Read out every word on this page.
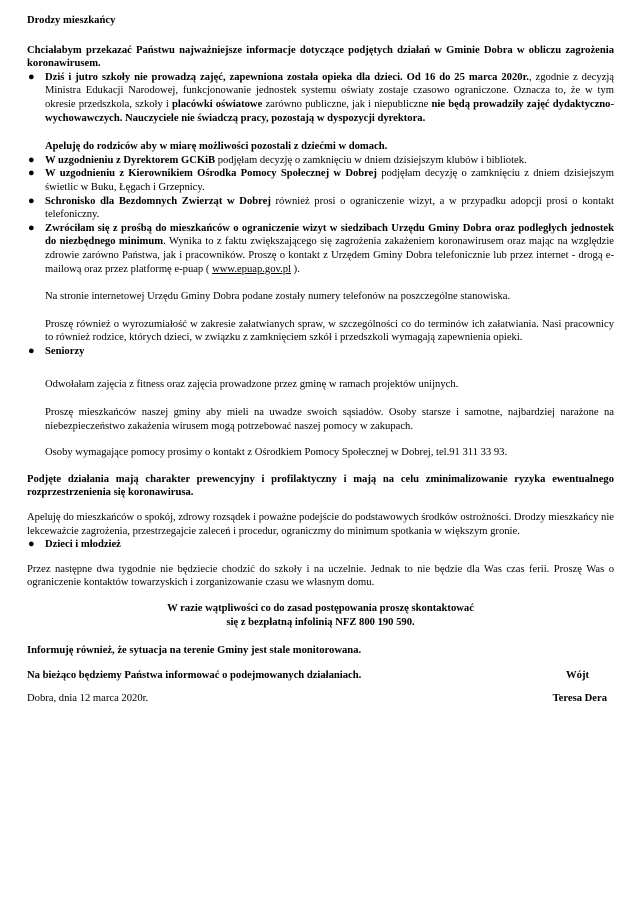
Drodzy mieszkańcy

Chciałabym przekazać Państwu najważniejsze informacje dotyczące podjętych działań w Gminie Dobra w obliczu zagrożenia koronawirusem.

● Dziś i jutro szkoły nie prowadzą zajęć, zapewniona została opieka dla dzieci. Od 16 do 25 marca 2020r., zgodnie z decyzją Ministra Edukacji Narodowej, funkcjonowanie jednostek systemu oświaty zostaje czasowo ograniczone. Oznacza to, że w tym okresie przedszkola, szkoły i placówki oświatowe zarówno publiczne, jak i niepubliczne nie będą prowadziły zajęć dydaktyczno-wychowawczych. Nauczyciele nie świadczą pracy, pozostają w dyspozycji dyrektora.

Apeluję do rodziców aby w miarę możliwości pozostali z dziećmi w domach.

● W uzgodnieniu z Dyrektorem GCKiB podjęłam decyzję o zamknięciu w dniem dzisiejszym klubów i bibliotek.
● W uzgodnieniu z Kierownikiem Ośrodka Pomocy Społecznej w Dobrej podjęłam decyzję o zamknięciu z dniem dzisiejszym świetlic w Buku, Łęgach i Grzepnicy.
● Schronisko dla Bezdomnych Zwierząt w Dobrej również prosi o ograniczenie wizyt, a w przypadku adopcji prosi o kontakt telefoniczny.
● Zwróciłam się z prośbą do mieszkańców o ograniczenie wizyt w siedzibach Urzędu Gminy Dobra oraz podległych jednostek do niezbędnego minimum. Wynika to z faktu zwiększającego się zagrożenia zakażeniem koronawirusem oraz mając na względzie zdrowie zarówno Państwa, jak i pracowników. Proszę o kontakt z Urzędem Gminy Dobra telefonicznie lub przez internet - drogą e-mailową oraz przez platformę e-puap ( www.epuap.gov.pl ).

Na stronie internetowej Urzędu Gminy Dobra podane zostały numery telefonów na poszczególne stanowiska.

Proszę również o wyrozumiałość w zakresie załatwianych spraw, w szczególności co do terminów ich załatwiania. Nasi pracownicy to również rodzice, których dzieci, w związku z zamknięciem szkół i przedszkoli wymagają zapewnienia opieki.

● Seniorzy

Odwołałam zajęcia z fitness oraz zajęcia prowadzone przez gminę w ramach projektów unijnych.

Proszę mieszkańców naszej gminy aby mieli na uwadze swoich sąsiadów. Osoby starsze i samotne, najbardziej narażone na niebezpieczeństwo zakażenia wirusem mogą potrzebować naszej pomocy w zakupach.

Osoby wymagające pomocy prosimy o kontakt z Ośrodkiem Pomocy Społecznej w Dobrej, tel.91 311 33 93.

Podjęte działania mają charakter prewencyjny i profilaktyczny i mają na celu zminimalizowanie ryzyka ewentualnego rozprzestrzenienia się koronawirusa.

Apeluję do mieszkańców o spokój, zdrowy rozsądek i poważne podejście do podstawowych środków ostrożności. Drodzy mieszkańcy nie lekceważcie zagrożenia, przestrzegajcie zaleceń i procedur, ograniczmy do minimum spotkania w większym gronie.

● Dzieci i młodzież

Przez następne dwa tygodnie nie będziecie chodzić do szkoły i na uczelnie. Jednak to nie będzie dla Was czas ferii. Proszę Was o ograniczenie kontaktów towarzyskich i zorganizowanie czasu we własnym domu.

W razie wątpliwości co do zasad postępowania proszę skontaktować
się z bezpłatną infolinią NFZ 800 190 590.

Informuję również, że sytuacja na terenie Gminy jest stale monitorowana.

Na bieżąco będziemy Państwa informować o podejmowanych działaniach.	Wójt
Dobra, dnia 12 marca 2020r.	Teresa Dera
